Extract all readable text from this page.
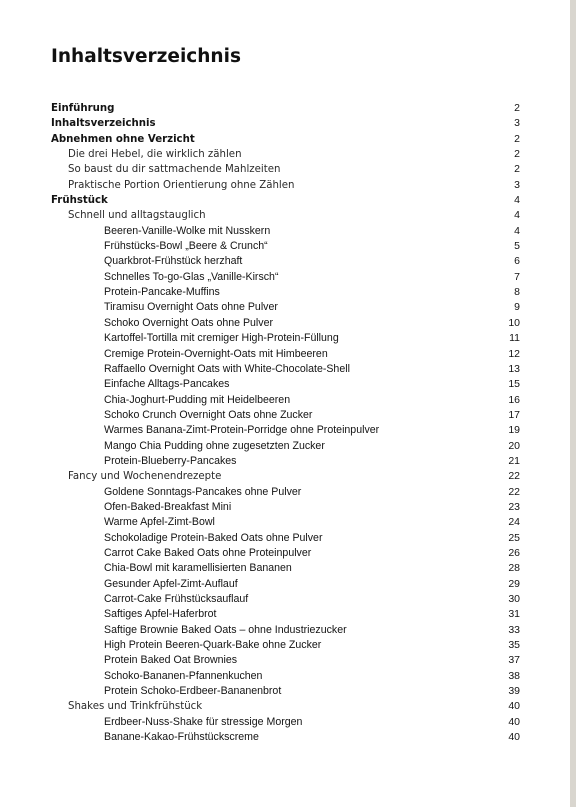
Inhaltsverzeichnis
Einführung	2
Inhaltsverzeichnis	3
Abnehmen ohne Verzicht	2
Die drei Hebel, die wirklich zählen	2
So baust du dir sattmachende Mahlzeiten	2
Praktische Portion Orientierung ohne Zählen	3
Frühstück	4
Schnell und alltagstauglich	4
Beeren-Vanille-Wolke mit Nusskern	4
Frühstücks-Bowl „Beere & Crunch“	5
Quarkbrot-Frühstück herzhaft	6
Schnelles To-go-Glas „Vanille-Kirsch“	7
Protein-Pancake-Muffins	8
Tiramisu Overnight Oats ohne Pulver	9
Schoko Overnight Oats ohne Pulver	10
Kartoffel-Tortilla mit cremiger High-Protein-Füllung	11
Cremige Protein-Overnight-Oats mit Himbeeren	12
Raffaello Overnight Oats with White-Chocolate-Shell	13
Einfache Alltags-Pancakes	15
Chia-Joghurt-Pudding mit Heidelbeeren	16
Schoko Crunch Overnight Oats ohne Zucker	17
Warmes Banana-Zimt-Protein-Porridge ohne Proteinpulver	19
Mango Chia Pudding ohne zugesetzten Zucker	20
Protein-Blueberry-Pancakes	21
Fancy und Wochenendrezepte	22
Goldene Sonntags-Pancakes ohne Pulver	22
Ofen-Baked-Breakfast Mini	23
Warme Apfel-Zimt-Bowl	24
Schokoladige Protein-Baked Oats ohne Pulver	25
Carrot Cake Baked Oats ohne Proteinpulver	26
Chia-Bowl mit karamellisierten Bananen	28
Gesunder Apfel-Zimt-Auflauf	29
Carrot-Cake Frühstücksauflauf	30
Saftiges Apfel-Haferbrot	31
Saftige Brownie Baked Oats – ohne Industriezucker	33
High Protein Beeren-Quark-Bake ohne Zucker	35
Protein Baked Oat Brownies	37
Schoko-Bananen-Pfannenkuchen	38
Protein Schoko-Erdbeer-Bananenbrot	39
Shakes und Trinkfrühstück	40
Erdbeer-Nuss-Shake für stressige Morgen	40
Banane-Kakao-Frühstückscreme	40
